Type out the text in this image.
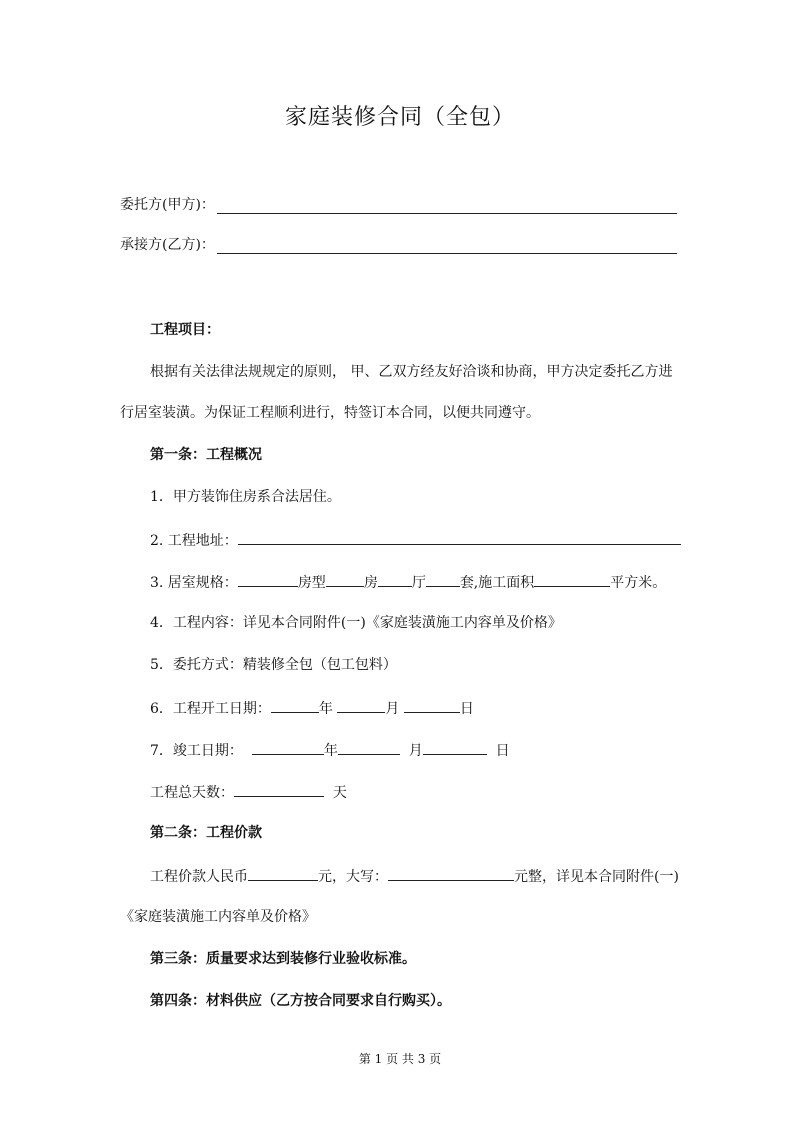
家庭装修合同（全包）
委托方(甲方)：
承接方(乙方)：
工程项目：
根据有关法律法规规定的原则， 甲、乙双方经友好洽谈和协商，甲方决定委托乙方进
行居室装潢。为保证工程顺利进行，特签订本合同，以便共同遵守。
第一条：工程概况
1．甲方装饰住房系合法居住。
2. 工程地址：
3. 居室规格：	房型	房 厅 套,施工面积	平方米。
4．工程内容：详见本合同附件(一)《家庭装潢施工内容单及价格》
5．委托方式：精装修全包（包工包料）
6．工程开工日期：	年	月	日
7．竣工日期：	年	月	日
工程总天数：	天
第二条：工程价款
工程价款人民币	元，大写：	元整，详见本合同附件(一)
《家庭装潢施工内容单及价格》
第三条：质量要求达到装修行业验收标准。
第四条：材料供应（乙方按合同要求自行购买）。
第 1 页 共 3 页
